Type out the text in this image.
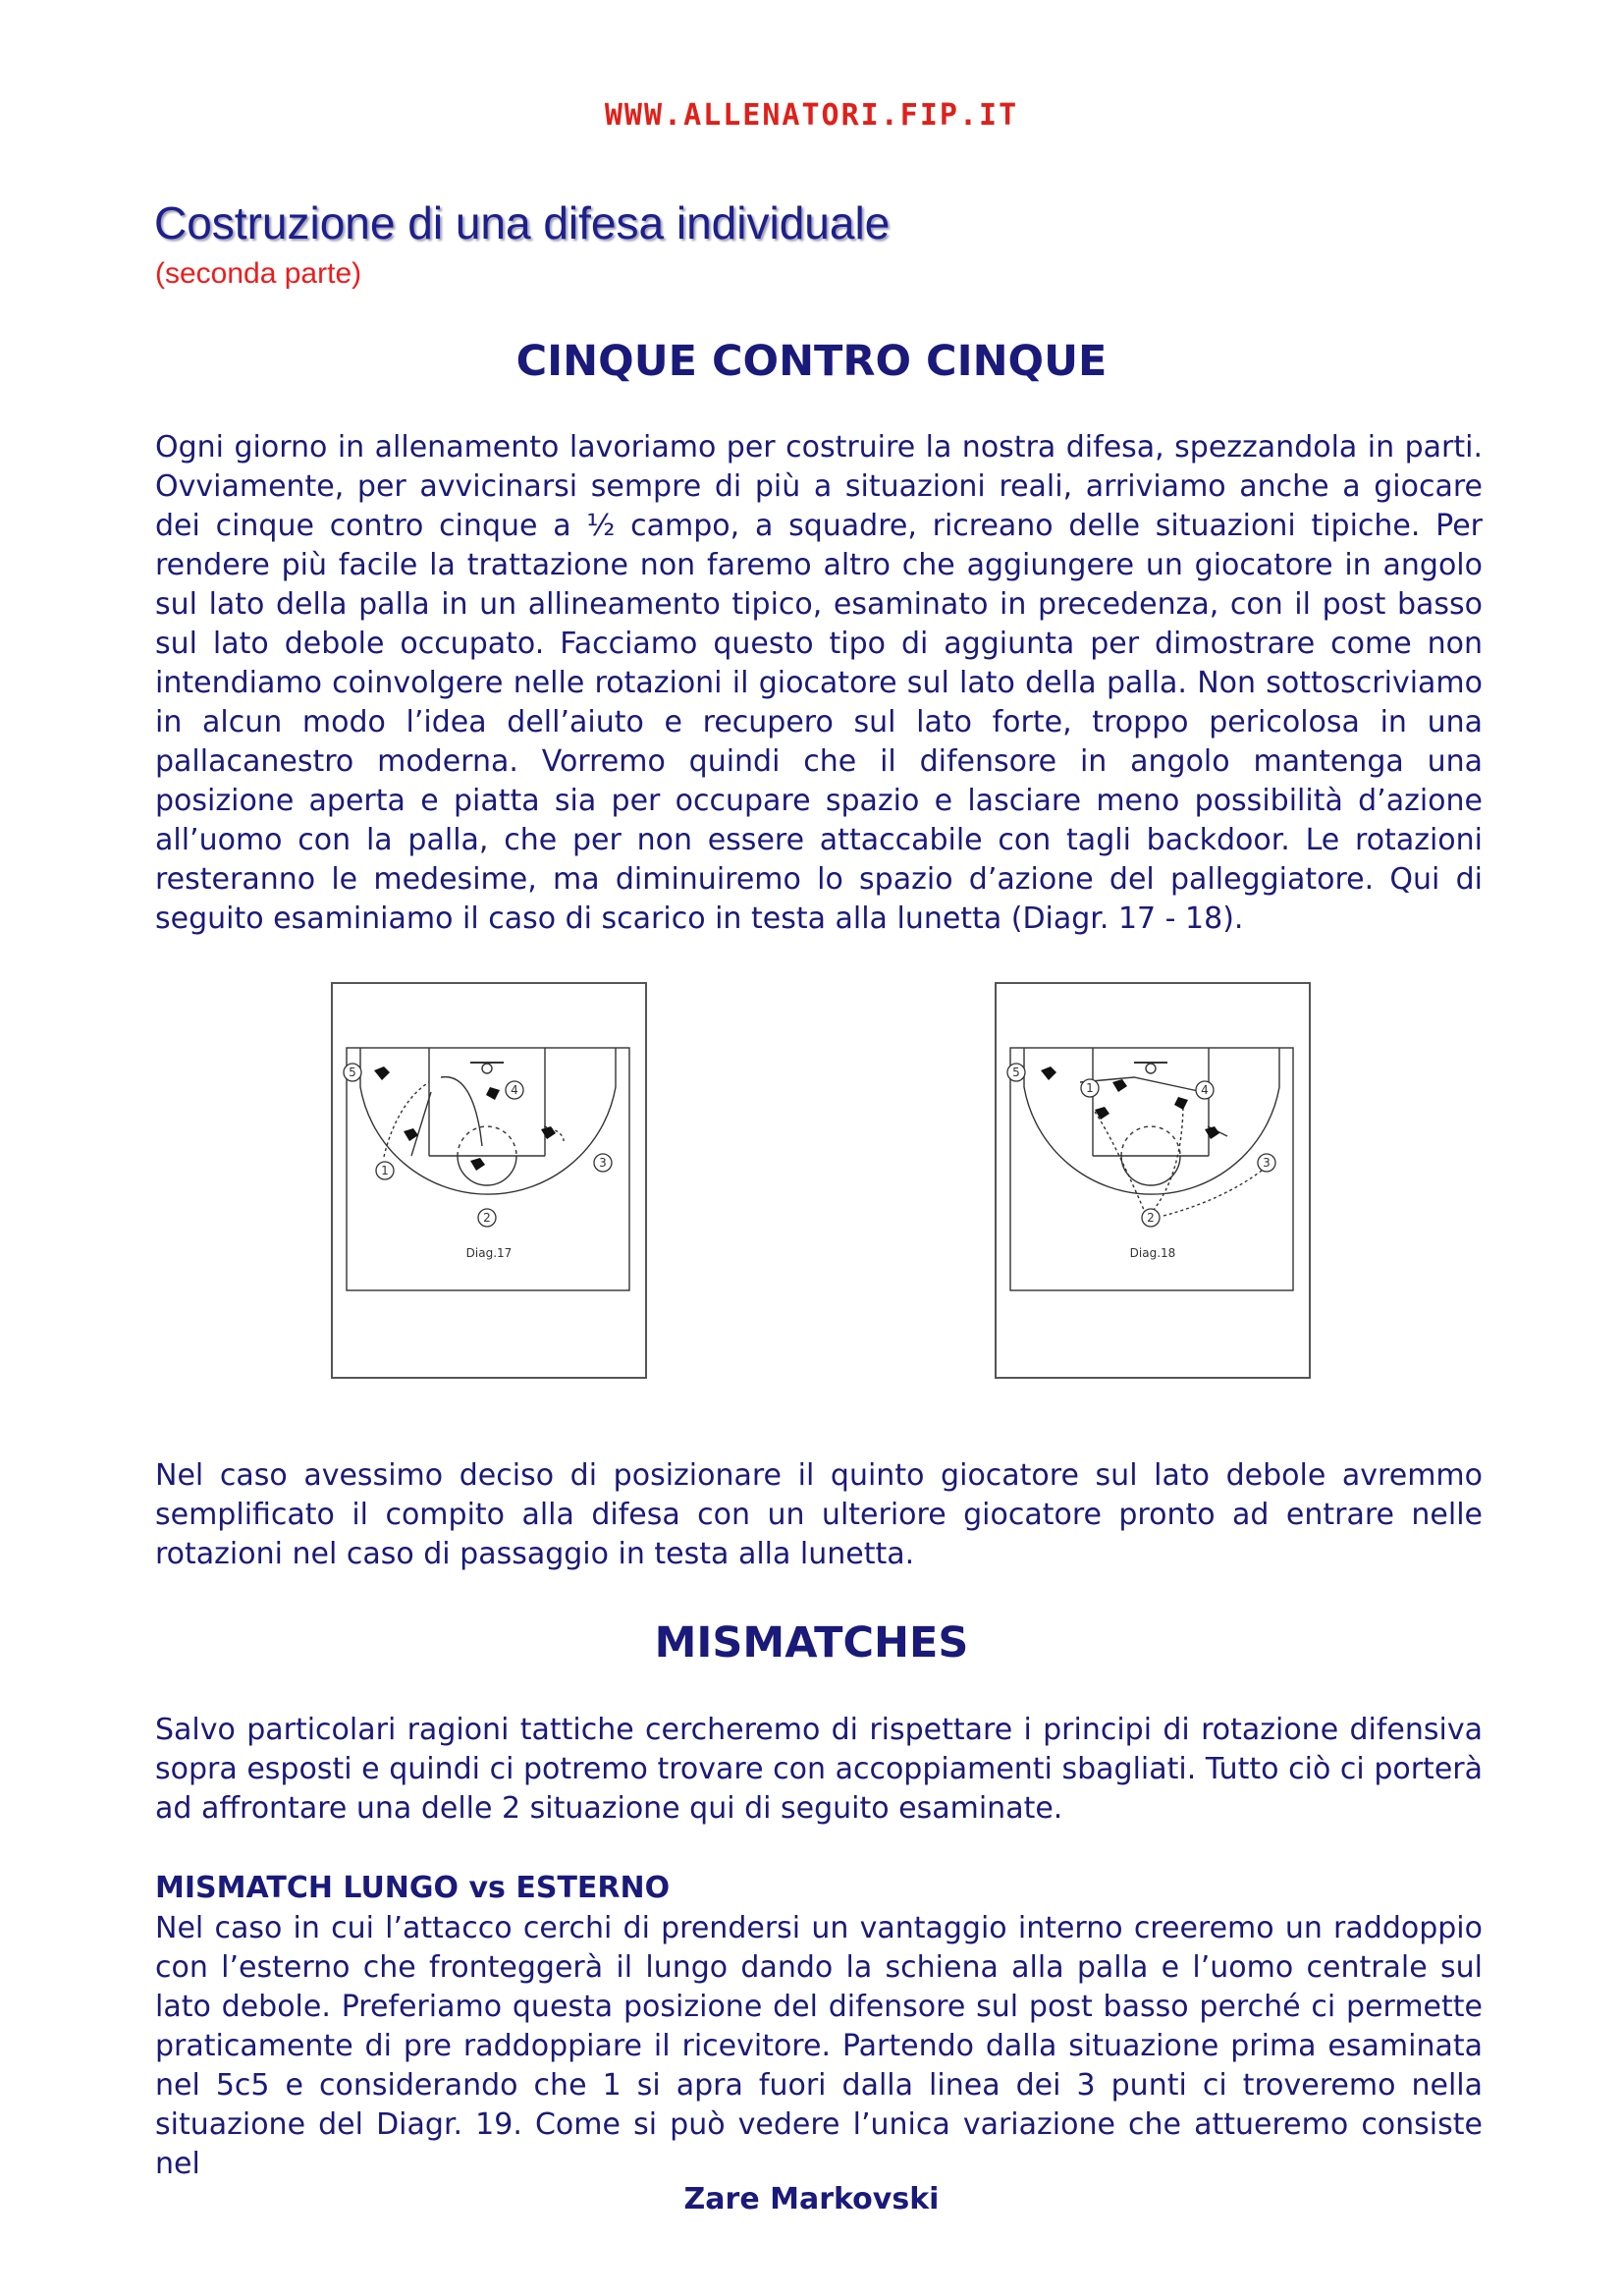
WWW.ALLENATORI.FIP.IT
Costruzione di una difesa individuale
(seconda parte)
CINQUE CONTRO CINQUE

Ogni giorno in allenamento lavoriamo per costruire la nostra difesa, spezzandola in parti. Ovviamente, per avvicinarsi sempre di più a situazioni reali, arriviamo anche a giocare dei cinque contro cinque a ½ campo, a squadre, ricreano delle situazioni tipiche. Per rendere più facile la trattazione non faremo altro che aggiungere un giocatore in angolo sul lato della palla in un allineamento tipico, esaminato in precedenza, con il post basso sul lato debole occupato. Facciamo questo tipo di aggiunta per dimostrare come non intendiamo coinvolgere nelle rotazioni il giocatore sul lato della palla. Non sottoscriviamo in alcun modo l’idea dell’aiuto e recupero sul lato forte, troppo pericolosa in una pallacanestro moderna. Vorremo quindi che il difensore in angolo mantenga una posizione aperta e piatta sia per occupare spazio e lasciare meno possibilità d’azione all’uomo con la palla, che per non essere attaccabile con tagli backdoor. Le rotazioni resteranno le medesime, ma diminuiremo lo spazio d’azione del palleggiatore. Qui di seguito esaminiamo il caso di scarico in testa alla lunetta (Diagr. 17 - 18).

5
4
3
1
2
Diag.17
5
1	4
3
2
Diag.18

Nel caso avessimo deciso di posizionare il quinto giocatore sul lato debole avremmo semplificato il compito alla difesa con un ulteriore giocatore pronto ad entrare nelle rotazioni nel caso di passaggio in testa alla lunetta.

MISMATCHES

Salvo particolari ragioni tattiche cercheremo di rispettare i principi di rotazione difensiva sopra esposti e quindi ci potremo trovare con accoppiamenti sbagliati. Tutto ciò ci porterà ad affrontare una delle 2 situazione qui di seguito esaminate.

MISMATCH LUNGO vs ESTERNO

Nel caso in cui l’attacco cerchi di prendersi un vantaggio interno creeremo un raddoppio con l’esterno che fronteggerà il lungo dando la schiena alla palla e l’uomo centrale sul lato debole. Preferiamo questa posizione del difensore sul post basso perché ci permette praticamente di pre raddoppiare il ricevitore. Partendo dalla situazione prima esaminata nel 5c5 e considerando che 1 si apra fuori dalla linea dei 3 punti ci troveremo nella situazione del Diagr. 19. Come si può vedere l’unica variazione che attueremo consiste nel

Zare Markovski
